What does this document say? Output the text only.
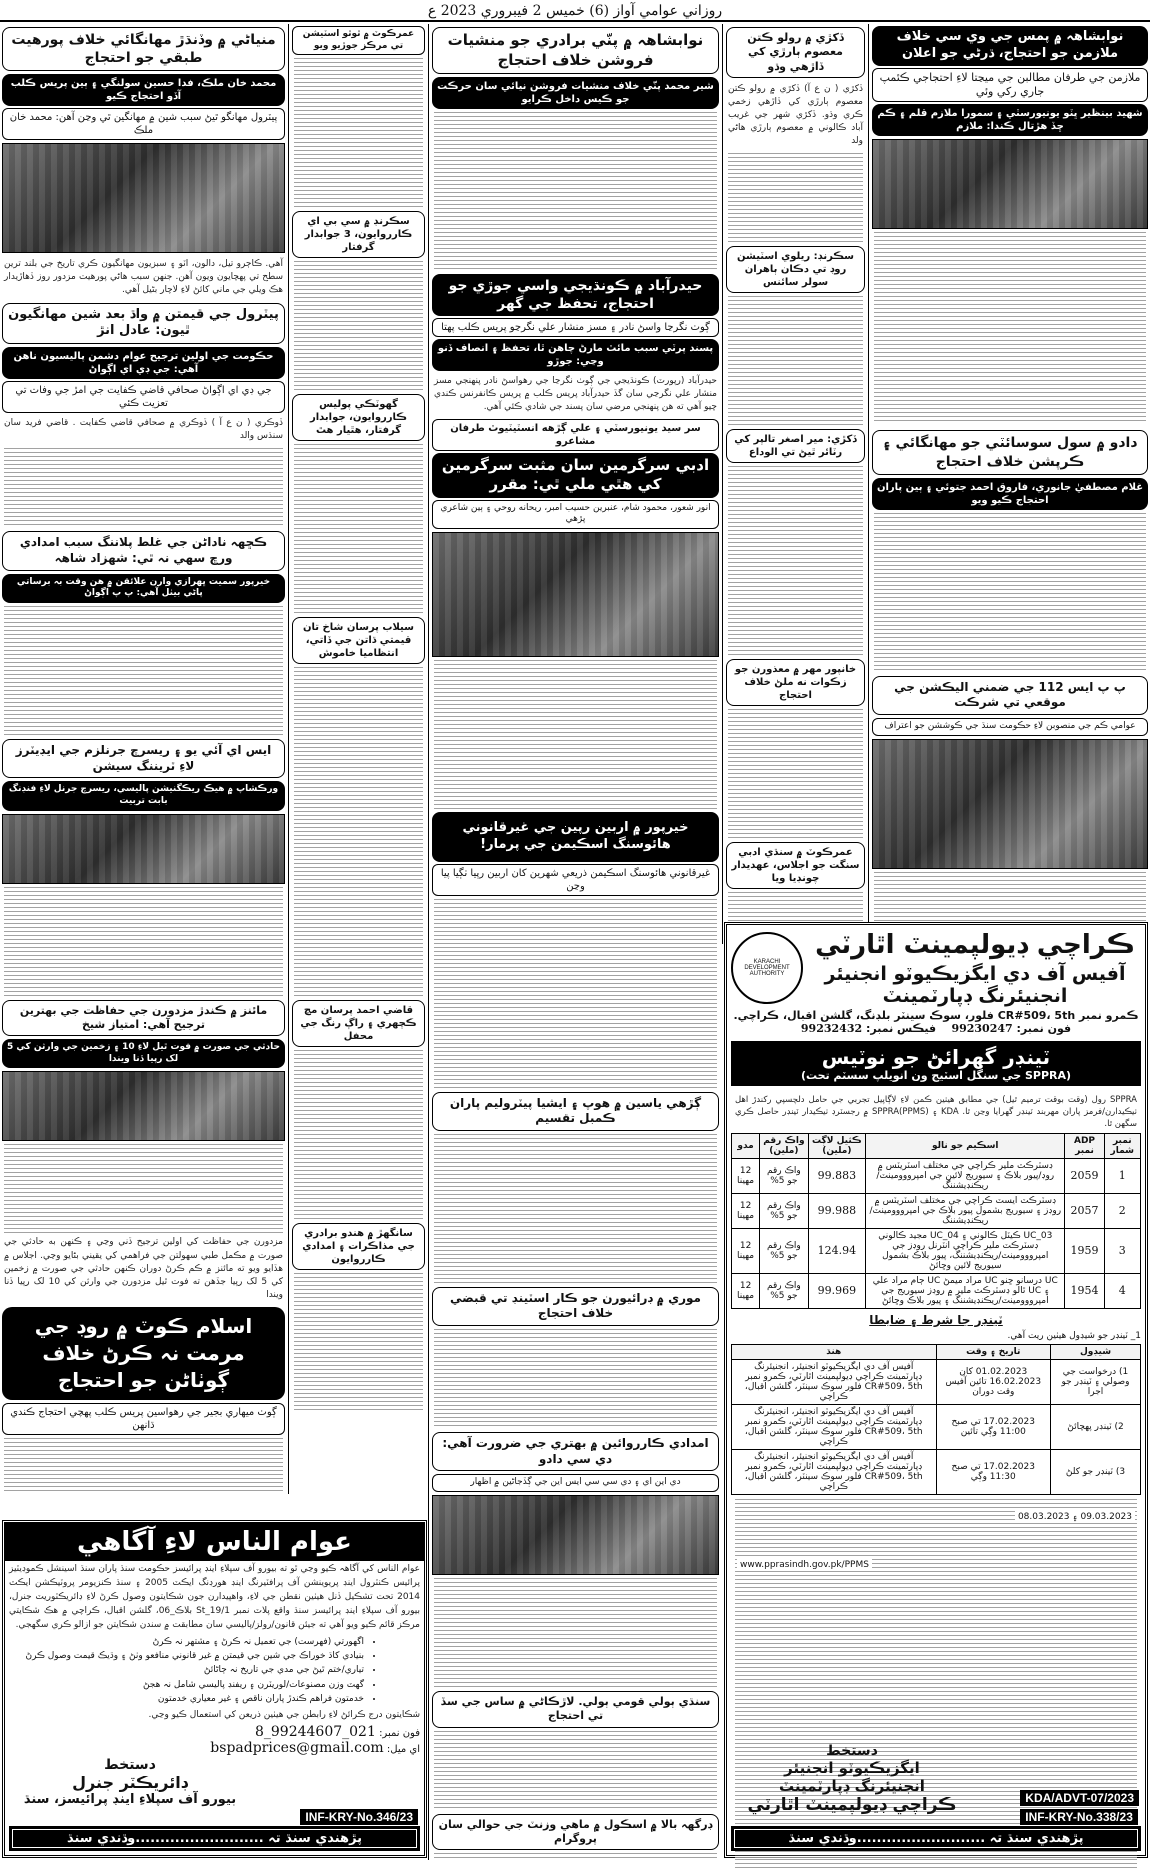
روزاني عوامي آواز (6) خميس 2 فيبروري 2023 ع
نوابشاهہ ۾ پمس جي وي سي خلاف ملازمن جو احتجاج، ڌرڻي جو اعلان
ملازمن جي طرفان مطالبن جي ميڃتا لاءِ احتجاجي ڪئمپ جاري رکي وئي
شهيد بينظير ڀٽو يونيورسٽي ۽ سمورا ملازم قلم ۽ ڪم ڇڏ هڙتال ڪندا: ملازم
دادو ۾ سول سوسائٽي جو مهانگائي ۽ ڪرپشن خلاف احتجاج
غلام مصطفيٰ جانوري، فاروق احمد جتوئي ۽ ٻين پاران احتجاج ڪيو ويو
پ پ ايس 112 جي ضمني اليڪشن جي موقعي تي شرڪت
عوامي ڪم جي منصوبن لاءِ حڪومت سنڌ جي ڪوششن جو اعتراف
ڏکڙي ۾ رولو ڪتن معصوم ٻارڙي کي ڏاڙهي وڌو
ڏکڙي ( ن ع آ) ڏکڙي ۾ رولو ڪتن معصوم ٻارڙي کي ڏاڙهي زخمي ڪري وڌو. ڏکڙي شهر جي غريب آباد ڪالوني ۾ معصوم ٻارڙي هاڻي ولد
سڪرنڊ: ريلوي اسٽيشن روڊ تي دڪان ٻاهران سولر سائنس
ڏکڙي: مير اصغر تالپر کي رٽائر ٿيڻ تي الوداع
خانپور مهر ۾ معذورن جو زڪوات نه ملڻ خلاف احتجاج
عمرڪوٽ ۾ سنڌي ادبي سنگت جو اجلاس، عهديدار چونڊيا ويا
نوابشاهہ ۾ پنّي برادري جو منشيات فروشن خلاف احتجاج
شير محمد پنّي خلاف منشيات فروشن نيائي سان حرڪت جو ڪيس داخل ڪرايو
حيدرآباد ۾ ڪونڌيجي واسي جوڙي جو احتجاج، تحفظ جي گهر
ڳوٺ نگرڃا واسڻ نادر ۽ مسز منشار علي نگرڃو پريس ڪلب پهتا
پسند پرٽي سبب مائٽ مارڻ چاهن ٿا، تحفظ ۽ انصاف ڏنو وڃي: جوڙو
حيدرآباد (رپورٽ) ڪونڌيجي جي ڳوٺ نگرڃا جي رهواسڻ نادر پنهنجي مسز منشار علي نگرڃي سان گڏ حيدرآباد پريس ڪلب ۾ پريس ڪانفرنس ڪندي چيو آهي ته هن پنهنجي مرضي سان پسند جي شادي ڪئي آهي.
سر سيد يونيورسٽي ۽ علي ڳڙهه انسٽيٽيوٽ طرفان مشاعرو
ادبي سرگرمين سان مثبت سرگرمين کي هٿي ملي ٿي: مقرر
انور شعور، محمود شام، عنبرين حسيب امبر، ريحانه روحي ۽ ٻين شاعري پڙهي
خيرپور ۾ اربين رپين جي غيرقانوني هائوسنگ اسڪيمن جي پرمار!
غيرقانوني هائوسنگ اسڪيمن ذريعي شهرين کان اربين رپيا ٺڳيا پيا وڃن
ڳڙهي ياسين ۾ هوپ ۽ ايشيا پيٽروليم پاران ڪمبل تقسيم
موري ۾ ڊرائيورن جو ڪار اسٽينڊ تي قبضي خلاف احتجاج
امدادي ڪارروائين ۾ بهتري جي ضرورت آهي: دي سي دادو
دي اين اي ۽ دي سي سي ايس اين جي ڳڏجاڻين ۾ اظهار
سنڌي ٻولي قومي ٻولي. لاڙڪاڻي ۾ ساس جي سڏ تي احتجاج
ڊرگهہ بالا ۾ اسڪول ۾ ماهي وزنٽ جي حوالي سان پروگرام
عمرڪوٽ ۾ ٿوٿو اسٽيشن تي مرڪز جوڙيو ويو
سڪرنڊ ۾ سي بي اي ڪارروايون، 3 جوابدار گرفتار
گهوٽڪي پوليس ڪارروايون، جوابدار گرفتار، هٿيار هٿ
سيلاب پرسان شاخ تان قيمتي ڌاتن جي ڏاتي، انتظاميا خاموش
قاضي احمد پرسان مچ ڪچهري ۽ راڳ رنگ جي محفل
سانگهڙ ۾ هندو برادري جي مذاڪرات ۽ امدادي ڪارروايون
منياڻي ۾ وڏنڌڙ مهانگائي خلاف پورهيت طبقي جو احتجاج
محمد خان ملڪ، فدا حسين سولنگي ۽ ٻين پريس ڪلب آڏو احتجاج ڪيو
پيٽرول مهانگو ٿيڻ سبب شين ۾ مهانگين ٿي وڃن آهن: محمد خان ملڪ
آهي. ڪاڄرو تيل، دالون، اٽو ۽ سبزيون مهانگيون ڪري تاريخ جي بلند ترين سطح تي پهچايون ويون آهن. جنهن سبب هاڻي پورهيت مزدور روز ڏهاڙيدار هڪ ويلي جي ماني کائڻ لاءِ لاچار بڻيل آهي.
پيٽرول جي قيمتن ۾ واڌ بعد شين مهانگيون ٿيون: عادل انڙ
حڪومت جي اولين ترجيح عوام دشمن پاليسيون ناهن آهي: جي ڊي اي اڳواڻ
جي ڊي اي اڳواڻ صحافي قاضي ڪفايت جي امڙ جي وفات تي تعزيت ڪئي
ڏوڪري ( ن ع آ ) ڏوڪري ۾ صحافي قاضي ڪفايت . قاضي فريد سان سنڌس والد
ڪڇهہ ناداڻن جي غلط پلاننگ سبب امدادي ورڇ سهي نہ ٿي: شهزاد شاهہ
خيرپور سميت ڀهرازي وارن علائقن ۾ هن وقت بہ برساتي پاڻي بيٺل آهي: پ پ اڳواڻ
ايس اي آئي يو ۽ ريسرچ جرنلزم جي ايڊيٽرز لاءِ ٽريننگ سيشن
ورڪشاپ ۾ هيڪ ريڪگنيشن پاليسي، ريسرچ جرنل لاءِ فنڊنگ بابت تربيت
مائنز ۾ ڪندڙ مزدورن جي حفاظت جي بهترين ترجيح آهي: امتياز شيخ
حادثي جي صورت ۾ فوت ٿيل لاءِ 10 ۽ زخمين جي وارثن کي 5 لک رپيا ڏنا ويندا
مزدورن جي حفاظت کي اولين ترجيح ڏني وڃي ۽ ڪنهن به حادثي جي صورت ۾ مڪمل طبي سهولتن جي فراهمي کي يقيني بڻايو وڃي. اجلاس ۾ هڏايو ويو ته مائنز ۾ ڪم ڪرڻ دوران ڪنهن حادثي جي صورت ۾ زخمين کي 5 لک رپيا جڏهن ته فوت ٿيل مزدورن جي وارثن کي 10 لک رپيا ڏنا ويندا
اسلام ڪوٽ ۾ روڊ جي مرمت نہ ڪرڻ خلاف ڳوٺاڻن جو احتجاج
ڳوٺ ميهاري بجير جي رهواسين پريس ڪلب پهچي احتجاج ڪندي ڌانهن
عوام الناس لاءِ آگاهي
عوام الناس کي آگاهہ ڪيو وڃي ٿو ته بيورو آف سپلاءِ اينڊ پرائيسز حڪومت سنڌ پاران سنڌ اسينشل ڪموڊيٽيز پرائيس ڪنٽرول اينڊ پريوينشن آف پرافٽيرنگ اينڊ هورڊنگ ايڪٽ 2005 ۽ سنڌ ڪنزيومر پروٽيڪشن ايڪٽ 2014 تحت تشڪيل ڏنل هيٺين نقطن جي لاءِ، واهپيدارن جون شڪايتون وصول ڪرڻ لاءِ ڊائريڪٽوريٽ جنرل، بيورو آف سپلاءِ اينڊ پرائيسز سنڌ واقع پلاٽ نمبر St_19/1 بلاڪ_06، گلشن اقبال، ڪراچي ۾ هڪ شڪايتي مرڪز قائم ڪيو ويو آهي ته جيئن قانون/رولز/پاليسي سان مطابقت ۾ سندن شڪايتن جو ازالو ڪري سگهجي.
• اگهورتي (فهرست) جي تعميل نہ ڪرڻ ۽ مشتهر نہ ڪرڻ
• بنيادي کاڌ خوراڪ جي شين جي قيمتن ۾ غير قانوني منافعو وٺڻ ۽ وڌيڪ قيمت وصول ڪرڻ
• تياري/ختم ٿيڻ جي مدي جي تاريخ نہ ڄاڻائڻ
• گهٽ وزن مصنوعات/لوريٽرن ۽ ريفنڊ پاليسي شامل نہ هجڻ
• خدمتون فراهم ڪندڙ پاران ناقص ۽ غير معياري خدمتون
شڪايتون درج ڪرائڻ لاءِ رابطن جي هيٺين ذريعن کي استعمال ڪيو وڃي.
فون نمبر: 021_99244607_8
اي ميل: bspadprices@gmail.com
دستخط
ڊائريڪٽر جنرل
بيورو آف سپلاءِ اينڊ پرائيسز، سنڌ
INF-KRY-No.346/23
پڙهندي سنڌ تہ ..........................وڌندي سنڌ
ڪراچي ڊيولپمينٽ اٿارٽي
آفيس آف دي ايگزيڪيوٽو انجنيئر
انجنيئرنگ ڊپارٽمينٽ
KARACHI DEVELOPMENT AUTHORITY
ڪمرو نمبر CR#509، 5th فلور، سوڪ سينٽر بلڊنگ، گلشن اقبال، ڪراچي.
فون نمبر: 99230247    فيڪس نمبر: 99232432
ٽينڊر گهرائڻ جو نوٽيس
(SPPRA جي سنگل اسٽيج ون انويلپ سسٽم تحت)
SPPRA رول (وقت بوقت ترميم ٿيل) جي مطابق هيٺين ڪمن لاءِ لاڳاپيل تجربي جي حامل دلچسپي رکندڙ اهل ٺيڪيدارن/فرمز پاران مهربند ٽينڊر گهرايا وڃن ٿا. KDA ۽ SPPRA(PPMS) ۾ رجسٽرڊ ٺيڪيدار ٽينڊر حاصل ڪري سگهن ٿا.
نمبر شمار	ADP نمبر	اسڪيم جو نالو	ڪثيل لاڳت (ملين)	واڪ رقم (ملين)	مدو
1	2059	ڊسٽرڪٽ ملير ڪراچي جي مختلف اسٽريٽس ۾ روڊ/پيور بلاڪ ۽ سيوريج لائين جي امپرووومينٽ/ريڪنڊيشننگ	99.883	واڪ رقم جو 5%	12 مهينا
2	2057	ڊسٽرڪٽ ايسٽ ڪراچي جي مختلف اسٽريٽس ۾ روڊز ۽ سيوريج بشمول پيور بلاڪ جي امپرووومينٽ/ريڪنڊيشننگ	99.988	واڪ رقم جو 5%	12 مهينا
3	1959	UC_03 ڪيٽل ڪالوني ۽ UC_04 مجيد ڪالوني ڊسٽرڪٽ ملير ڪراچي انٽرنل روڊز جي امپرووومينٽ/ريڪنڊيشننگ، پيور بلاڪ بشمول سيوريج لائين وڇائڻ	124.94	واڪ رقم جو 5%	12 مهينا
4	1954	UC درسانو ڇنو UC مراد ميمڻ UC ڄام مراد علي ۽ UC ٿالو ڊسٽرڪٽ ملير ۾ روڊز سيوريج جي امپرووومينٽ/ريڪنڊيشننگ ۽ پيور بلاڪ وڇائڻ	99.969	واڪ رقم جو 5%	12 مهينا
ٽينڊر جا شرط ۽ ضابطا
1_ ٽينڊر جو شيڊول هيٺين ريت آهي.
شيڊول	تاريخ ۽ وقت	هنڌ
1) درخواست جي وصولي ۽ ٽينڊر جو اجرا	01.02.2023 کان 16.02.2023 تائين آفيس وقت دوران	آفيس آف دي ايگزيڪيوٽو انجنيئر، انجنيئرنگ ڊپارٽمينٽ ڪراچي ڊيولپمينٽ اٿارٽي، ڪمرو نمبر CR#509، 5th فلور سوڪ سينٽر، گلشن اقبال، ڪراچي
2) ٽينڊر پهچائڻ	17.02.2023 تي صبح 11:00 وڳي تائين	آفيس آف دي ايگزيڪيوٽو انجنيئر، انجنيئرنگ ڊپارٽمينٽ ڪراچي ڊيولپمينٽ اٿارٽي، ڪمرو نمبر CR#509، 5th فلور سوڪ سينٽر، گلشن اقبال، ڪراچي
3) ٽينڊر جو کلڻ	17.02.2023 تي صبح 11:30 وڳي	آفيس آف دي ايگزيڪيوٽو انجنيئر، انجنيئرنگ ڊپارٽمينٽ ڪراچي ڊيولپمينٽ اٿارٽي، ڪمرو نمبر CR#509، 5th فلور سوڪ سينٽر، گلشن اقبال، ڪراچي
www.pprasindh.gov.pk/PPMS
09.03.2023 ۽ 08.03.2023
دستخط
ايگزيڪيوٽو انجنيئر
انجنيئرنگ ڊپارٽمينٽ
ڪراچي ڊيولپمينٽ اٿارٽي	KDA/ADVT-07/2023
INF-KRY-No.338/23
پڙهندي سنڌ تہ ..........................وڌندي سنڌ
